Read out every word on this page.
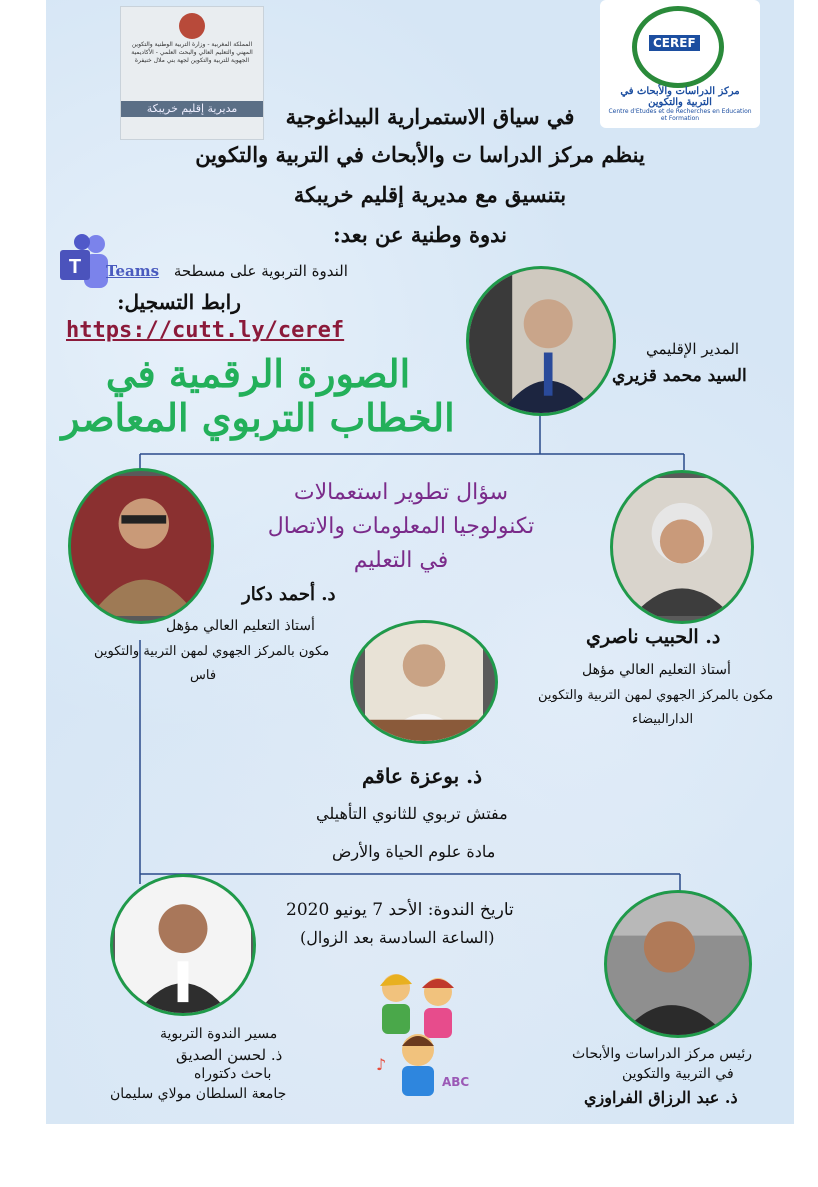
المملكة المغربية - وزارة التربية الوطنية والتكوين المهني والتعليم العالي والبحث العلمي - الأكاديمية الجهوية للتربية والتكوين لجهة بني ملال خنيفرة
مديرية إقليم خريبكة
CEREF
مركز الدراسات والأبحاث في التربية والتكوين
Centre d'Etudes et de Recherches en Education et Formation
في سياق الاستمرارية البيداغوجية
ينظم مركز الدراسا ت والأبحاث في التربية والتكوين
بتنسيق مع مديرية إقليم خريبكة
ندوة وطنية عن بعد:
T Teams الندوة التربوية على مسطحة
رابط التسجيل:
https://cutt.ly/ceref
الصورة الرقمية في
الخطاب التربوي المعاصر
المدير الإقليمي
السيد محمد قزيري
سؤال تطوير استعمالات
تكنولوجيا المعلومات والاتصال
في التعليم
د. أحمد دكار
أستاذ التعليم العالي مؤهل
مكون بالمركز الجهوي لمهن التربية والتكوين
فاس
د. الحبيب ناصري
أستاذ التعليم العالي مؤهل
مكون بالمركز الجهوي لمهن التربية والتكوين
الدارالبيضاء
ذ. بوعزة عاقم
مفتش تربوي للثانوي التأهيلي
مادة علوم الحياة والأرض
تاريخ الندوة: الأحد 7 يونيو 2020
(الساعة السادسة بعد الزوال)
مسير الندوة التربوية
ذ. لحسن الصديق
باحث دكتوراه
جامعة السلطان مولاي سليمان
♪
ABC
رئيس مركز الدراسات والأبحاث
في التربية والتكوين
ذ. عبد الرزاق الفراوزي
